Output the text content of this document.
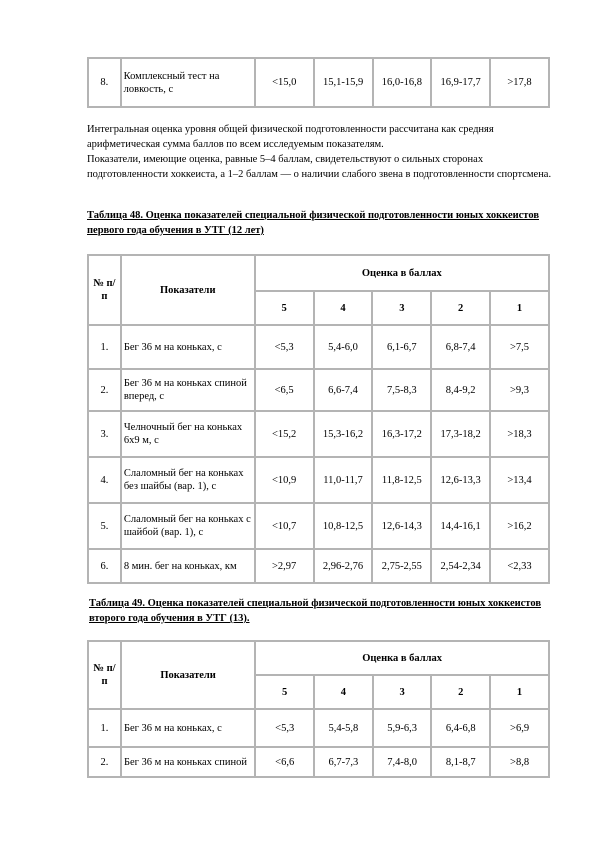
8.	Комплексный тест на ловкость, с	<15,0	15,1-15,9	16,0-16,8	16,9-17,7	>17,8

Интегральная оценка уровня общей физической подготовленности рассчитана как средняя арифметическая сумма баллов по всем исследуемым показателям.

Показатели, имеющие оценка, равные 5–4 баллам, свидетельствуют о сильных сторонах подготовленности хоккеиста, а 1–2 баллам — о наличии слабого звена в подготовленности спортсмена.

Таблица 48. Оценка показателей специальной физической подготовленности юных хоккеистов первого года обучения в УТГ (12 лет)

№ п/п	Показатели	Оценка в баллах				
		5	4	3	2	1
1.	Бег 36 м на коньках, с	<5,3	5,4-6,0	6,1-6,7	6,8-7,4	>7,5
2.	Бег 36 м на коньках спиной вперед, с	<6,5	6,6-7,4	7,5-8,3	8,4-9,2	>9,3
3.	Челночный бег на коньках 6х9 м, с	<15,2	15,3-16,2	16,3-17,2	17,3-18,2	>18,3
4.	Слаломный бег на коньках без шайбы (вар. 1), с	<10,9	11,0-11,7	11,8-12,5	12,6-13,3	>13,4
5.	Слаломный бег на коньках с шайбой (вар. 1), с	<10,7	10,8-12,5	12,6-14,3	14,4-16,1	>16,2
6.	8 мин. бег на коньках, км	>2,97	2,96-2,76	2,75-2,55	2,54-2,34	<2,33

Таблица 49. Оценка показателей специальной физической подготовленности юных хоккеистов второго года обучения в УТГ (13).

№ п/п	Показатели	Оценка в баллах				
		5	4	3	2	1
1.	Бег 36 м на коньках, с	<5,3	5,4-5,8	5,9-6,3	6,4-6,8	>6,9
2.	Бег 36 м на коньках спиной	<6,6	6,7-7,3	7,4-8,0	8,1-8,7	>8,8
